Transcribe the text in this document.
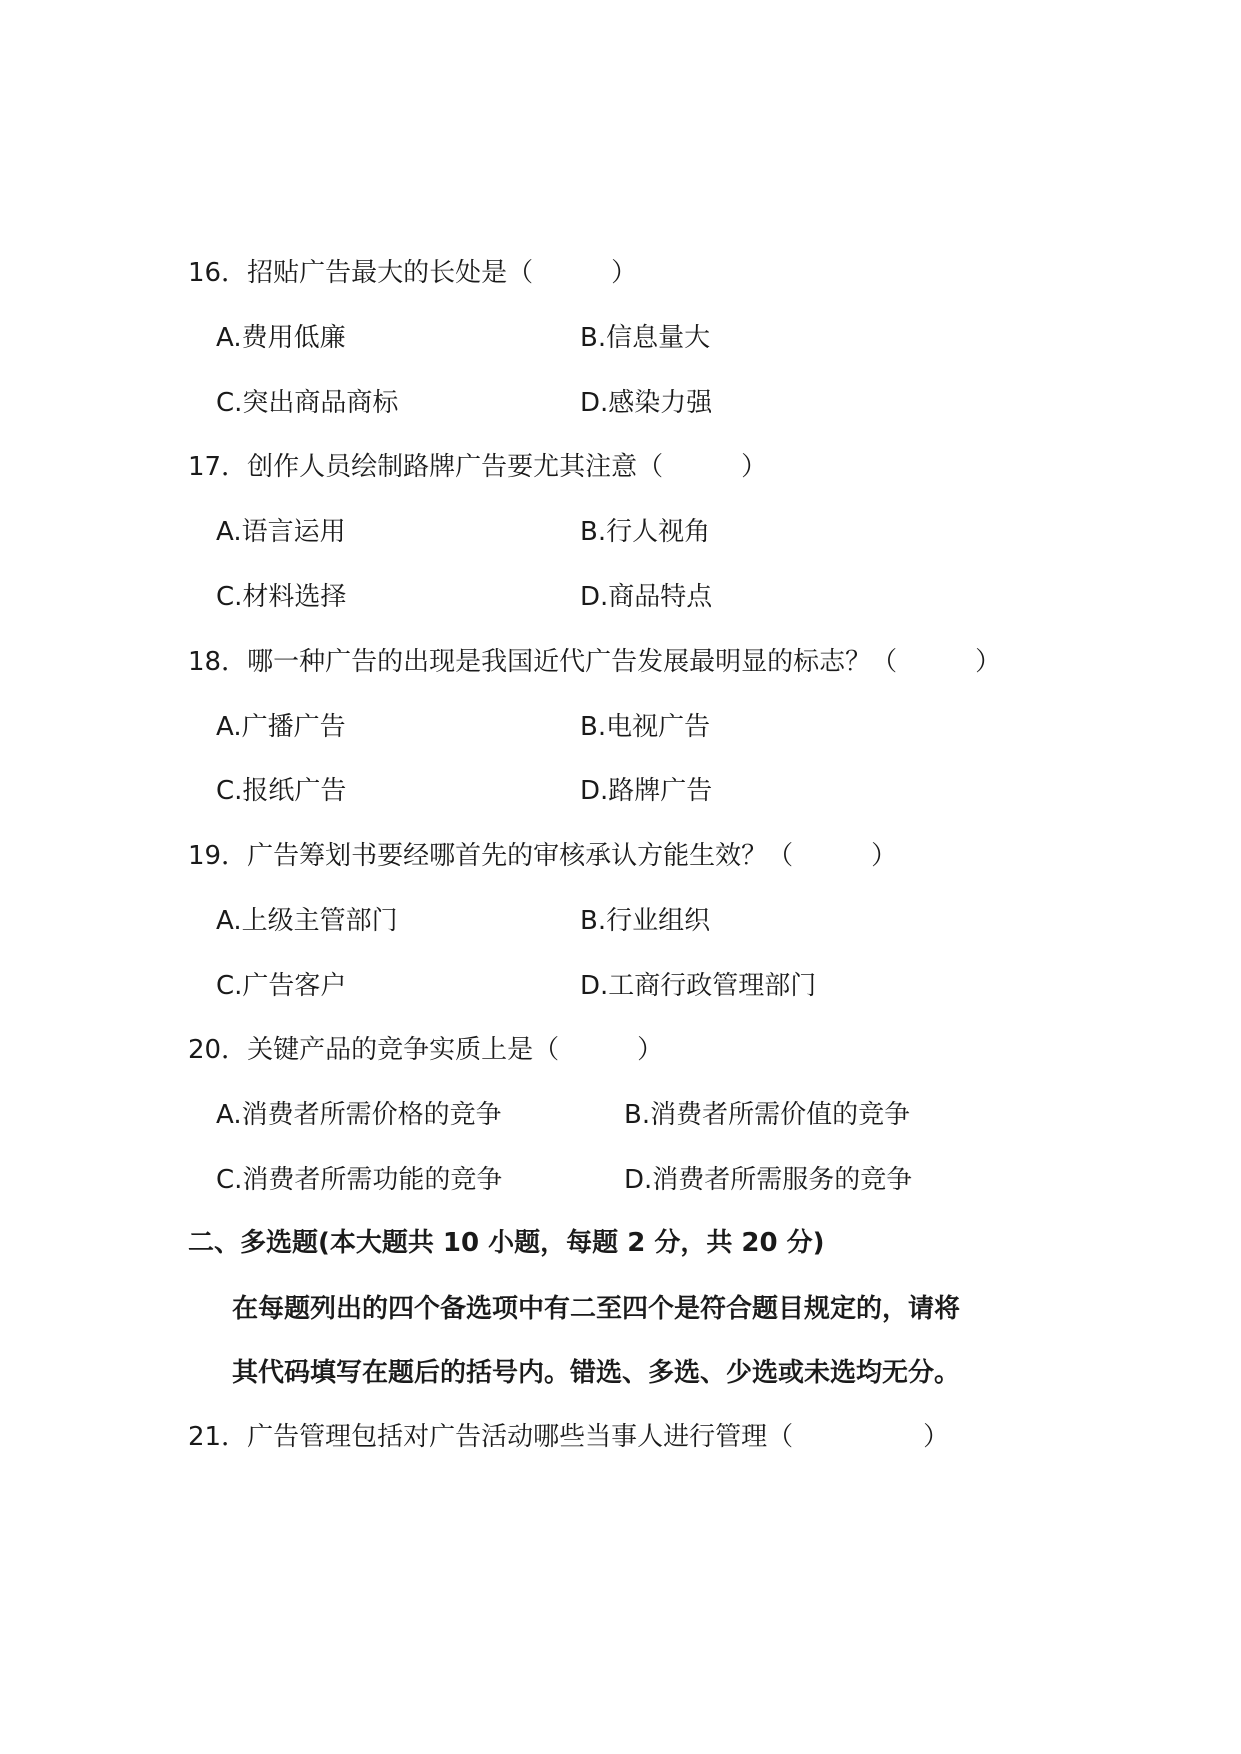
16．招贴广告最大的长处是（　　　）
A.费用低廉	B.信息量大
C.突出商品商标	D.感染力强
17．创作人员绘制路牌广告要尤其注意（　　　）
A.语言运用	B.行人视角
C.材料选择	D.商品特点
18．哪一种广告的出现是我国近代广告发展最明显的标志？（　　　）
A.广播广告	B.电视广告
C.报纸广告	D.路牌广告
19．广告筹划书要经哪首先的审核承认方能生效？（　　　）
A.上级主管部门	B.行业组织
C.广告客户	D.工商行政管理部门
20．关键产品的竞争实质上是（　　　）
A.消费者所需价格的竞争	B.消费者所需价值的竞争
C.消费者所需功能的竞争	D.消费者所需服务的竞争
二、多选题(本大题共 10 小题，每题 2 分，共 20 分)
在每题列出的四个备选项中有二至四个是符合题目规定的，请将
其代码填写在题后的括号内。错选、多选、少选或未选均无分。
21．广告管理包括对广告活动哪些当事人进行管理（　　　　　）
